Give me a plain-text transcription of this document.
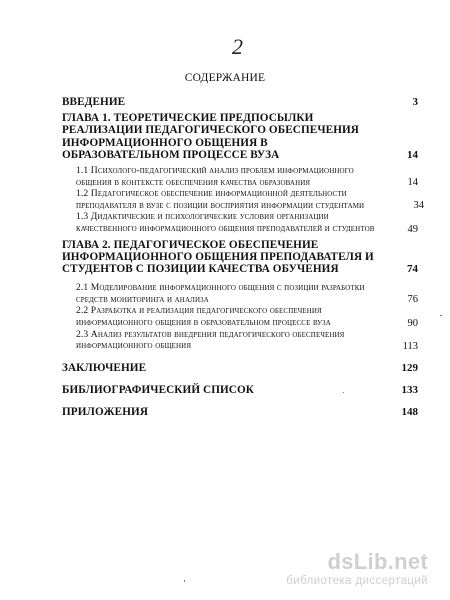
2
СОДЕРЖАНИЕ
ВВЕДЕНИЕ	3
ГЛАВА 1. ТЕОРЕТИЧЕСКИЕ ПРЕДПОСЫЛКИ РЕАЛИЗАЦИИ ПЕДАГОГИЧЕСКОГО ОБЕСПЕЧЕНИЯ ИНФОРМАЦИОННОГО ОБЩЕНИЯ В ОБРАЗОВАТЕЛЬНОМ ПРОЦЕССЕ ВУЗА	14
1.1 Психолого-педагогический анализ проблем информационного общения в контексте обеспечения качества образования	14
1.2 Педагогическое обеспечение информационной деятельности преподавателя в вузе с позиции восприятия информации студентами	34
1.3 Дидактические и психологические условия организации качественного информационного общения преподавателей и студентов	49
ГЛАВА 2. ПЕДАГОГИЧЕСКОЕ ОБЕСПЕЧЕНИЕ ИНФОРМАЦИОННОГО ОБЩЕНИЯ ПРЕПОДАВАТЕЛЯ И СТУДЕНТОВ С ПОЗИЦИИ КАЧЕСТВА ОБУЧЕНИЯ	74
2.1 Моделирование информационного общения с позиции разработки средств мониторинга и анализа	76
2.2 Разработка и реализация педагогического обеспечения информационного общения в образовательном процессе вуза	90
2.3 Анализ результатов внедрения педагогического обеспечения информационного общения	113
ЗАКЛЮЧЕНИЕ	129
БИБЛИОГРАФИЧЕСКИЙ СПИСОК	133
ПРИЛОЖЕНИЯ	148
dsLib.net
библиотека диссертаций
